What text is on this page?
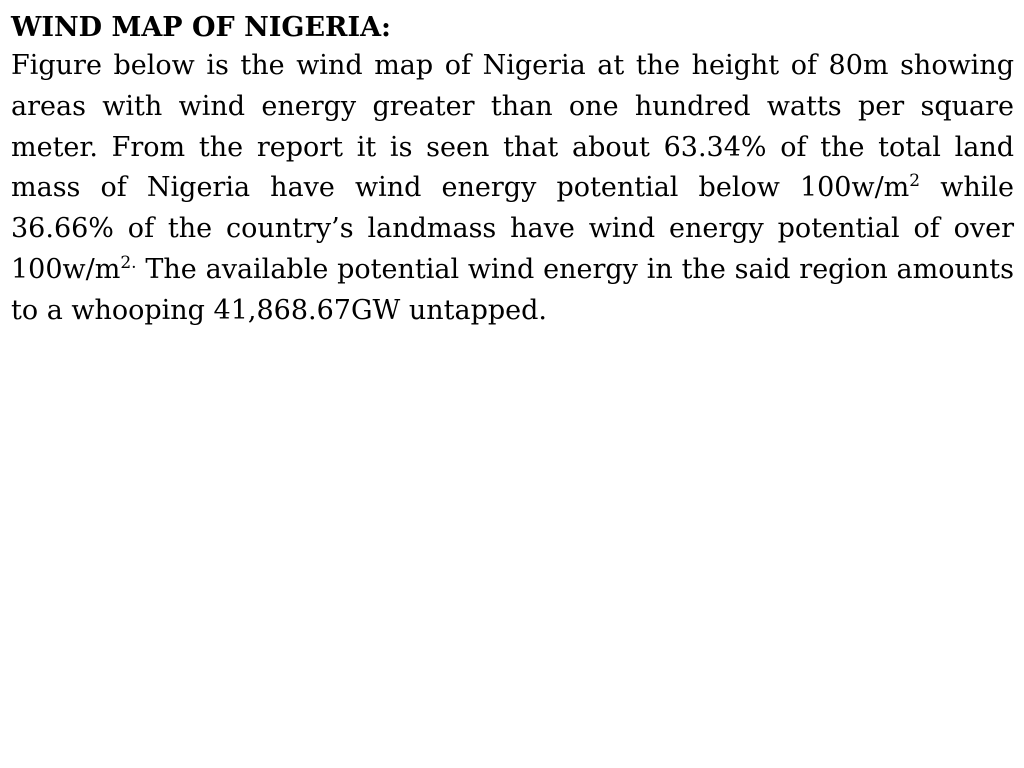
WIND MAP OF NIGERIA:

Figure below is the wind map of Nigeria at the height of 80m showing areas with wind energy greater than one hundred watts per square meter. From the report it is seen that about 63.34% of the total land mass of Nigeria have wind energy potential below $100w/m^2$ while 36.66% of the country’s landmass have wind energy potential of over $100w/m^{2.}$ The available potential wind energy in the said region amounts to a whooping 41,868.67GW untapped.
